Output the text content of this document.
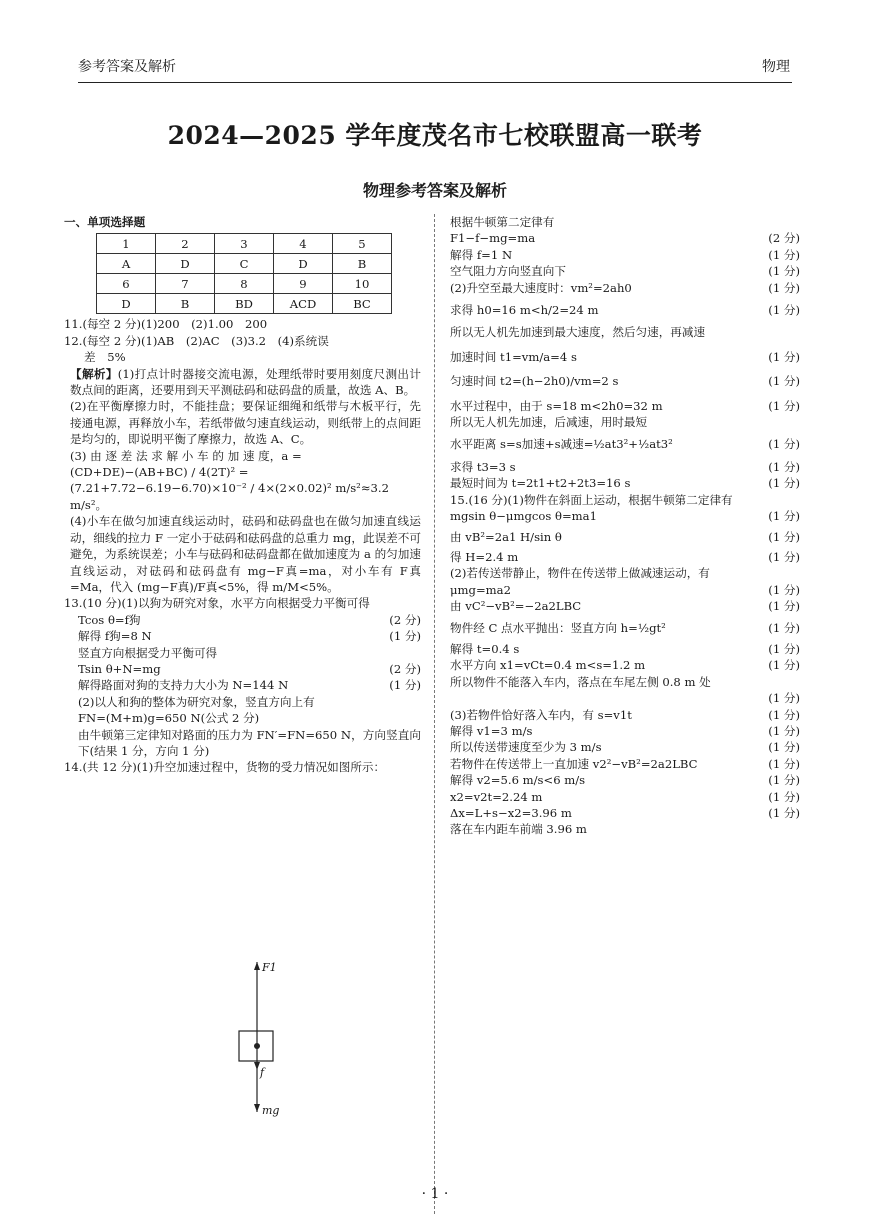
参考答案及解析	物理
2024—2025 学年度茂名市七校联盟高一联考
物理参考答案及解析
一、单项选择题
1	2	3	4	5
A	D	C	D	B
6	7	8	9	10
D	B	BD	ACD	BC
11.(每空 2 分)(1)200　(2)1.00　200
12.(每空 2 分)(1)AB　(2)AC　(3)3.2　(4)系统误
差　5%
【解析】(1)打点计时器接交流电源，处理纸带时要用刻度尺测出计数点间的距离，还要用到天平测砝码和砝码盘的质量，故选 A、B。
(2)在平衡摩擦力时，不能挂盘；要保证细绳和纸带与木板平行，先接通电源，再释放小车，若纸带做匀速直线运动，则纸带上的点间距是均匀的，即说明平衡了摩擦力，故选 A、C。
(3) 由 逐 差 法 求 解 小 车 的 加 速 度，a =
(CD+DE)−(AB+BC) / 4(2T)² =
(7.21+7.72−6.19−6.70)×10⁻² / 4×(2×0.02)² m/s²≈3.2 m/s²。
(4)小车在做匀加速直线运动时，砝码和砝码盘也在做匀加速直线运动，细线的拉力 F 一定小于砝码和砝码盘的总重力 mg，此误差不可避免，为系统误差；小车与砝码和砝码盘都在做加速度为 a 的匀加速直线运动，对砝码和砝码盘有 mg−F真=ma，对小车有 F真=Ma，代入 (mg−F真)/F真<5%，得 m/M<5%。
13.(10 分)(1)以狗为研究对象，水平方向根据受力平衡可得
Tcos θ=f狗	(2 分)
解得 f狗=8 N	(1 分)
竖直方向根据受力平衡可得
Tsin θ+N=mg	(2 分)
解得路面对狗的支持力大小为 N=144 N	(1 分)
(2)以人和狗的整体为研究对象，竖直方向上有
FN=(M+m)g=650 N(公式 2 分)
由牛顿第三定律知对路面的压力为 FN′=FN=650 N，方向竖直向下(结果 1 分，方向 1 分)
14.(共 12 分)(1)升空加速过程中，货物的受力情况如图所示：
F1
f
mg
根据牛顿第二定律有
F1−f−mg=ma	(2 分)
解得 f=1 N	(1 分)
空气阻力方向竖直向下	(1 分)
(2)升空至最大速度时：vm²=2ah0	(1 分)
求得 h0=16 m<h/2=24 m	(1 分)
所以无人机先加速到最大速度，然后匀速，再减速
加速时间 t1=vm/a=4 s	(1 分)
匀速时间 t2=(h−2h0)/vm=2 s	(1 分)
水平过程中，由于 s=18 m<2h0=32 m	(1 分)
所以无人机先加速，后减速，用时最短
水平距离 s=s加速+s减速=½at3²+½at3²	(1 分)
求得 t3=3 s	(1 分)
最短时间为 t=2t1+t2+2t3=16 s	(1 分)
15.(16 分)(1)物件在斜面上运动，根据牛顿第二定律有
mgsin θ−μmgcos θ=ma1	(1 分)
由 vB²=2a1 H/sin θ	(1 分)
得 H=2.4 m	(1 分)
(2)若传送带静止，物件在传送带上做减速运动，有
μmg=ma2	(1 分)
由 vC²−vB²=−2a2LBC	(1 分)
物件经 C 点水平抛出：竖直方向 h=½gt²	(1 分)
解得 t=0.4 s	(1 分)
水平方向 x1=vCt=0.4 m<s=1.2 m	(1 分)
所以物件不能落入车内，落点在车尾左侧 0.8 m 处
(1 分)
(3)若物件恰好落入车内，有 s=v1t	(1 分)
解得 v1=3 m/s	(1 分)
所以传送带速度至少为 3 m/s	(1 分)
若物件在传送带上一直加速 v2²−vB²=2a2LBC	(1 分)
解得 v2=5.6 m/s<6 m/s	(1 分)
x2=v2t=2.24 m	(1 分)
Δx=L+s−x2=3.96 m	(1 分)
落在车内距车前端 3.96 m
· 1 ·
